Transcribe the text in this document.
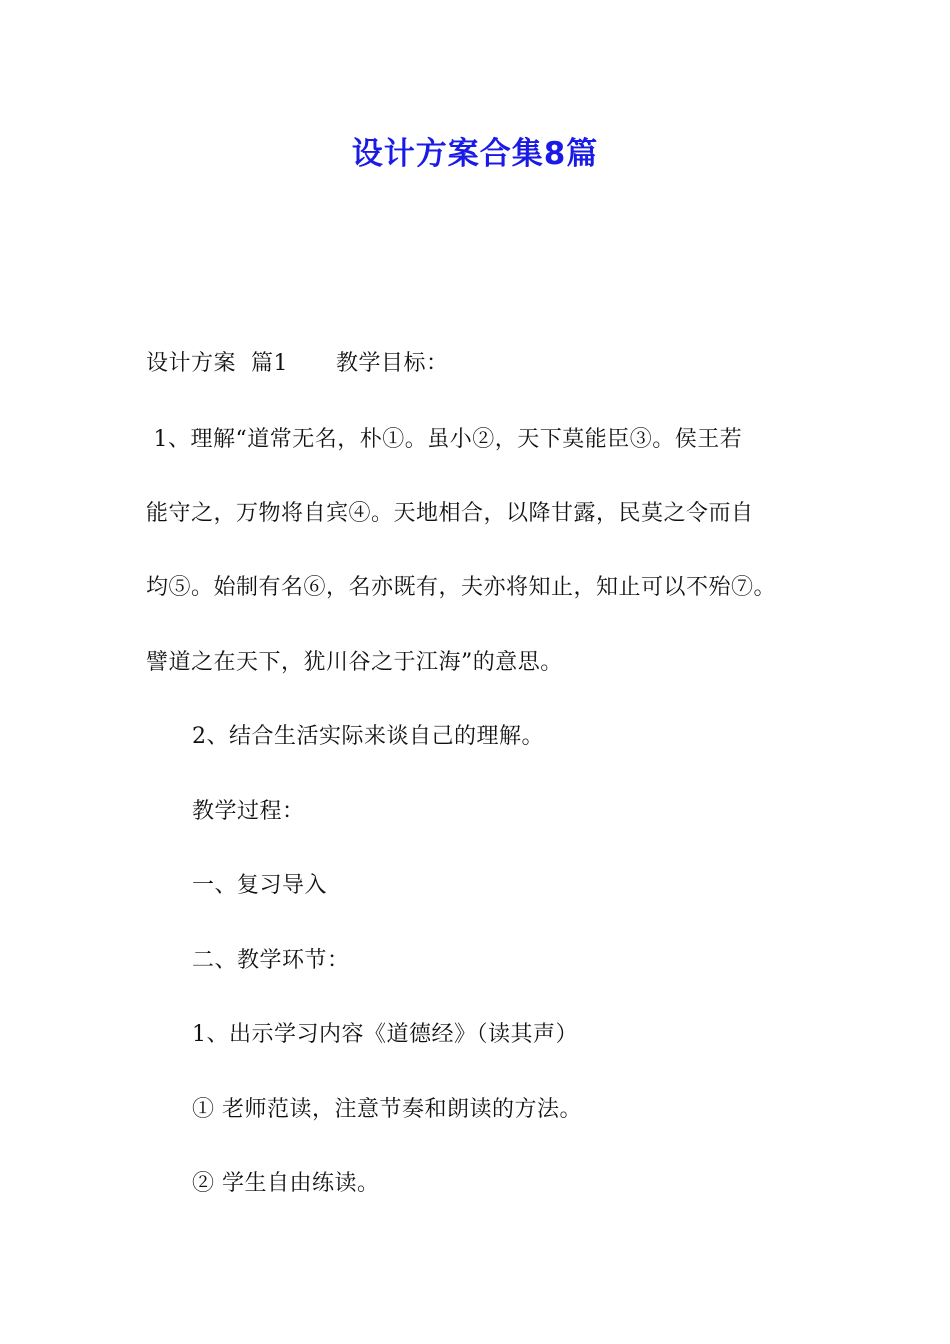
设计方案合集8篇
设计方案  篇1 教学目标：
1、理解“道常无名，朴①。虽小②，天下莫能臣③。侯王若
能守之，万物将自宾④。天地相合，以降甘露，民莫之令而自
均⑤。始制有名⑥，名亦既有，夫亦将知止，知止可以不殆⑦。
譬道之在天下，犹川谷之于江海”的意思。
2、结合生活实际来谈自己的理解。
教学过程：
一、复习导入
二、教学环节：
1、出示学习内容《道德经》（读其声）
① 老师范读，注意节奏和朗读的方法。
② 学生自由练读。
